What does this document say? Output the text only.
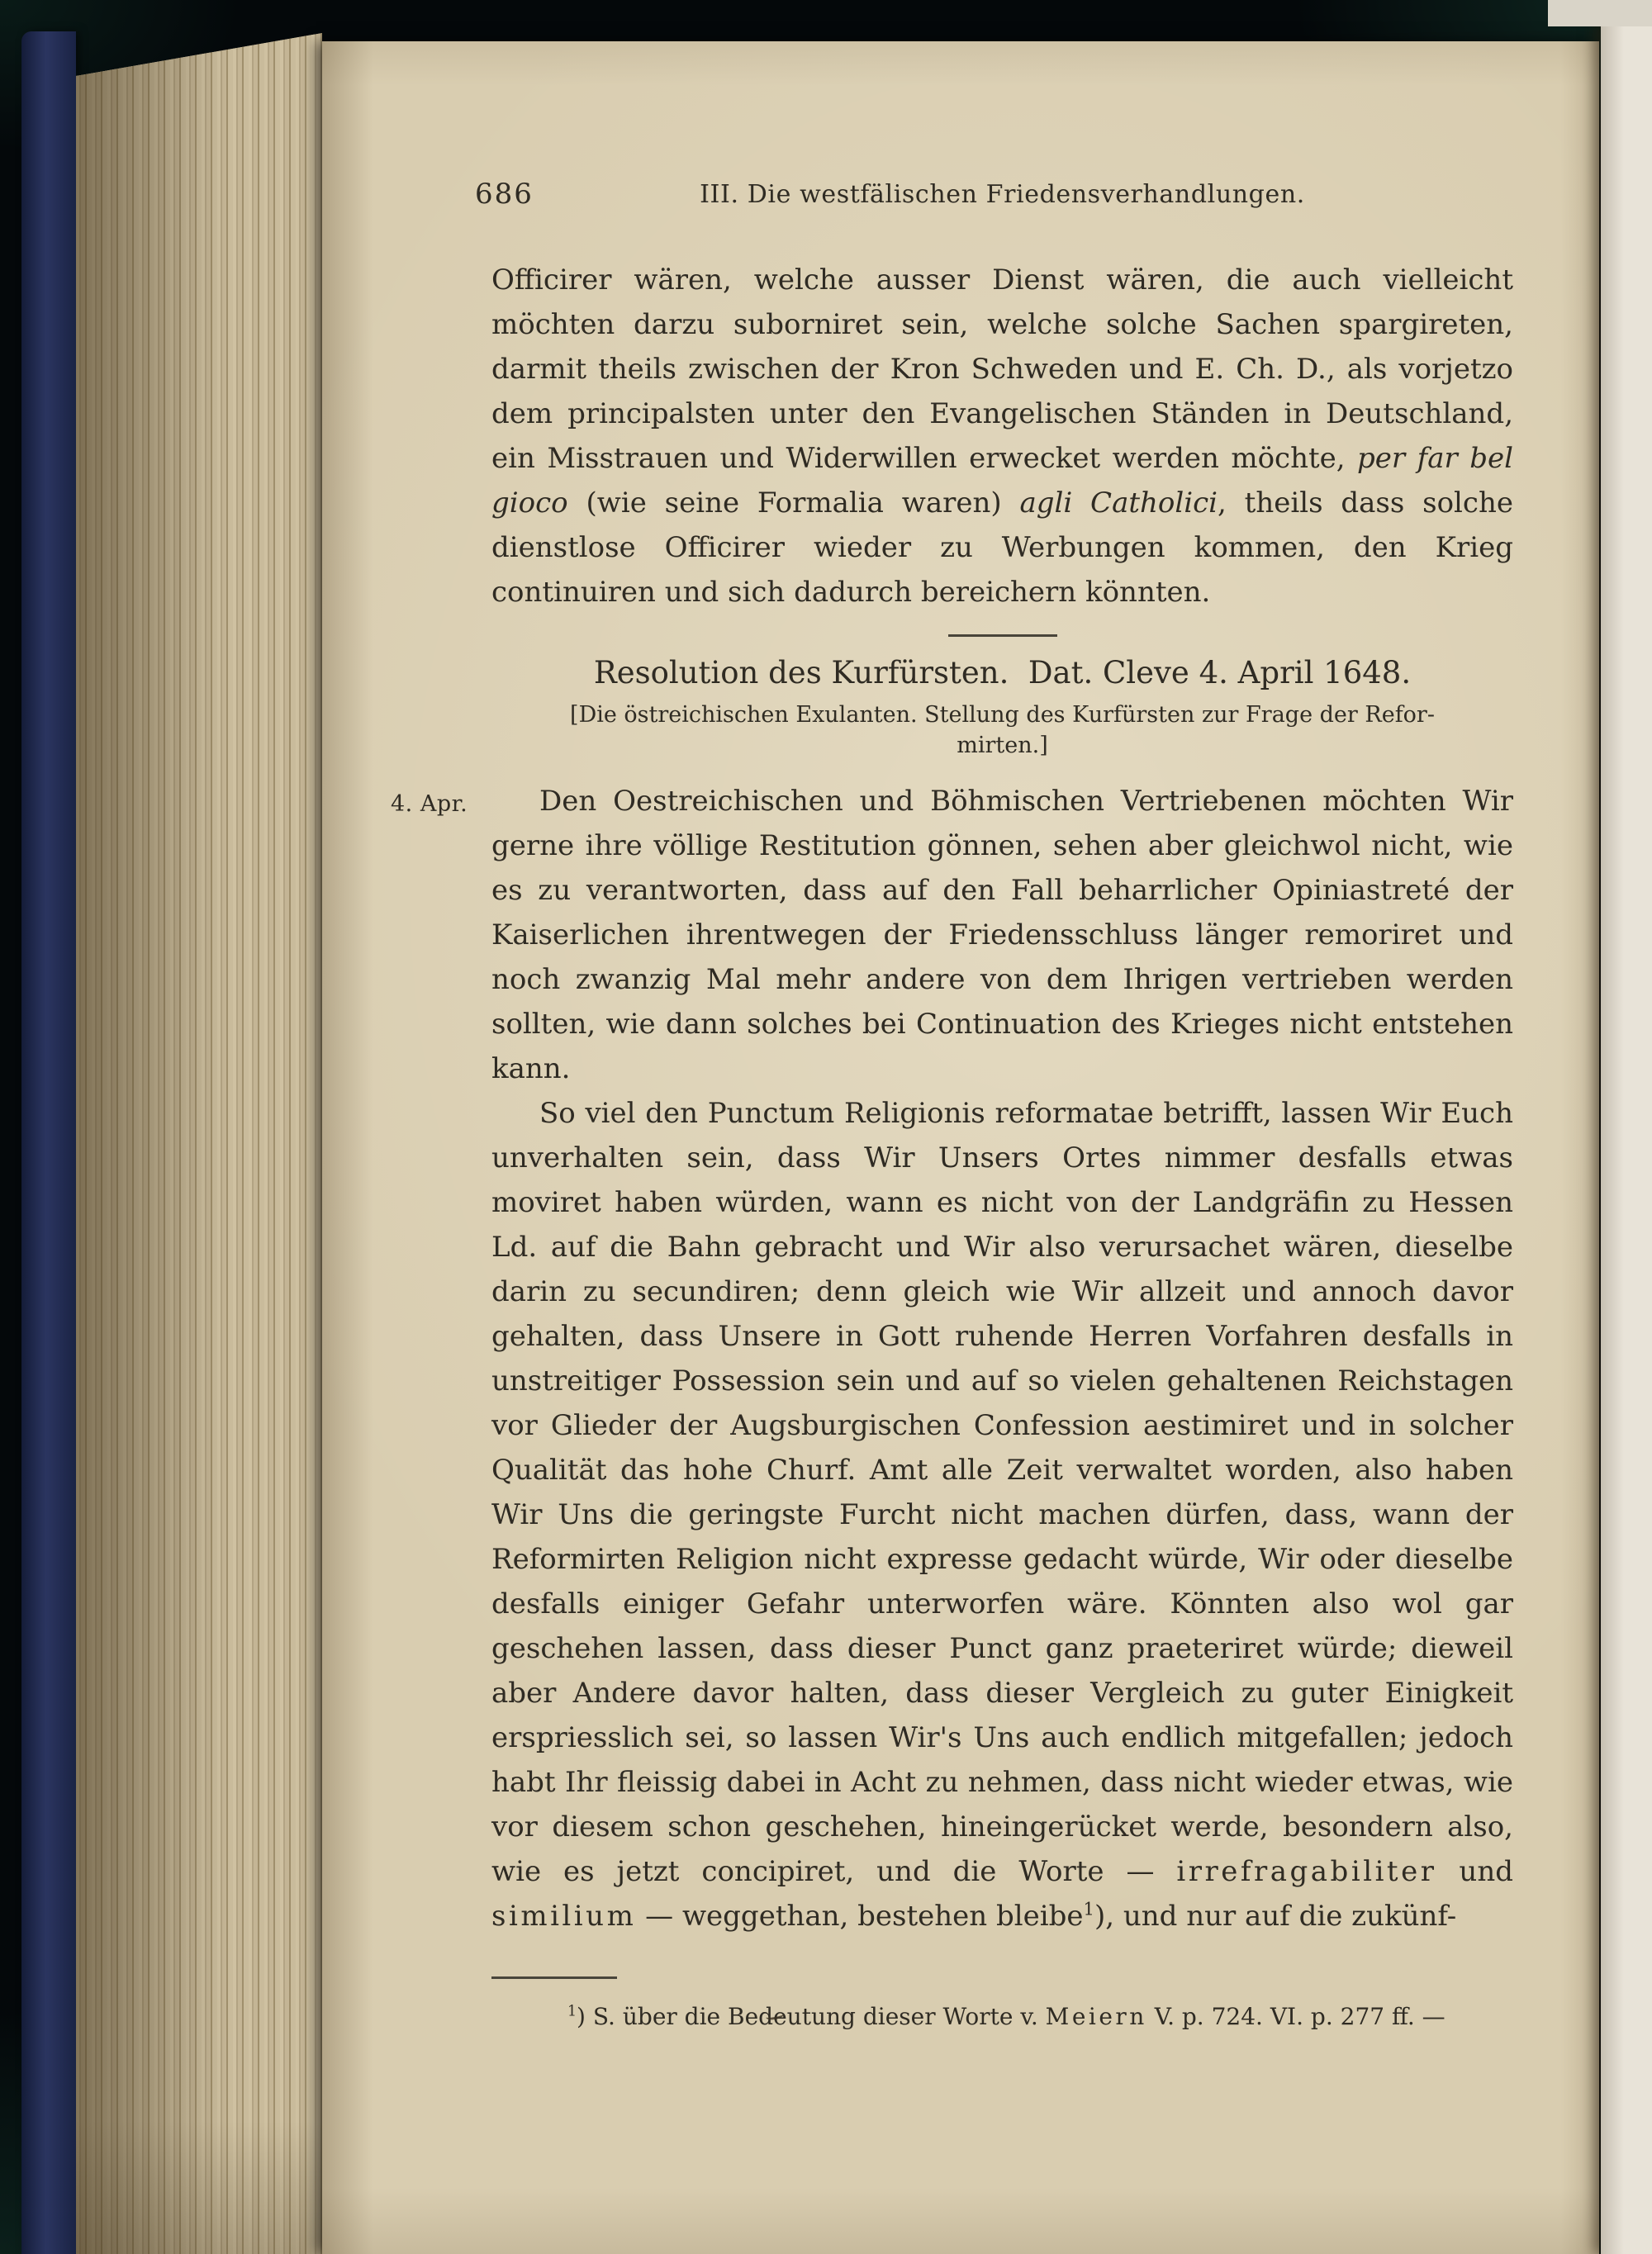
686	III. Die westfälischen Friedensverhandlungen.

Officirer wären, welche ausser Dienst wären, die auch vielleicht möchten darzu suborniret sein, welche solche Sachen spargireten, darmit theils zwischen der Kron Schweden und E. Ch. D., als vorjetzo dem principalsten unter den Evangelischen Ständen in Deutschland, ein Misstrauen und Widerwillen erwecket werden möchte, per far bel gioco (wie seine Formalia waren) agli Catholici, theils dass solche dienstlose Officirer wieder zu Werbungen kommen, den Krieg continuiren und sich dadurch bereichern könnten.

Resolution des Kurfürsten.  Dat. Cleve 4. April 1648.
[Die östreichischen Exulanten. Stellung des Kurfürsten zur Frage der Refor-
mirten.]

4. Apr.	Den Oestreichischen und Böhmischen Vertriebenen möchten Wir gerne ihre völlige Restitution gönnen, sehen aber gleichwol nicht, wie es zu verantworten, dass auf den Fall beharrlicher Opiniastreté der Kaiserlichen ihrentwegen der Friedensschluss länger remoriret und noch zwanzig Mal mehr andere von dem Ihrigen vertrieben werden sollten, wie dann solches bei Continuation des Krieges nicht entstehen kann.

So viel den Punctum Religionis reformatae betrifft, lassen Wir Euch unverhalten sein, dass Wir Unsers Ortes nimmer desfalls etwas moviret haben würden, wann es nicht von der Landgräfin zu Hessen Ld. auf die Bahn gebracht und Wir also verursachet wären, dieselbe darin zu secundiren; denn gleich wie Wir allzeit und annoch davor gehalten, dass Unsere in Gott ruhende Herren Vorfahren desfalls in unstreitiger Possession sein und auf so vielen gehaltenen Reichstagen vor Glieder der Augsburgischen Confession aestimiret und in solcher Qualität das hohe Churf. Amt alle Zeit verwaltet worden, also haben Wir Uns die geringste Furcht nicht machen dürfen, dass, wann der Reformirten Religion nicht expresse gedacht würde, Wir oder dieselbe desfalls einiger Gefahr unterworfen wäre. Könnten also wol gar geschehen lassen, dass dieser Punct ganz praeteriret würde; dieweil aber Andere davor halten, dass dieser Vergleich zu guter Einigkeit erspriesslich sei, so lassen Wir's Uns auch endlich mitgefallen; jedoch habt Ihr fleissig dabei in Acht zu nehmen, dass nicht wieder etwas, wie vor diesem schon geschehen, hineingerücket werde, besondern also, wie es jetzt concipiret, und die Worte — irrefragabiliter und similium — weggethan, bestehen bleibe$^1$), und nur auf die zukünf-

$^1$) S. über die Bedeutung dieser Worte v. Meiern V. p. 724. VI. p. 277 ff. —
